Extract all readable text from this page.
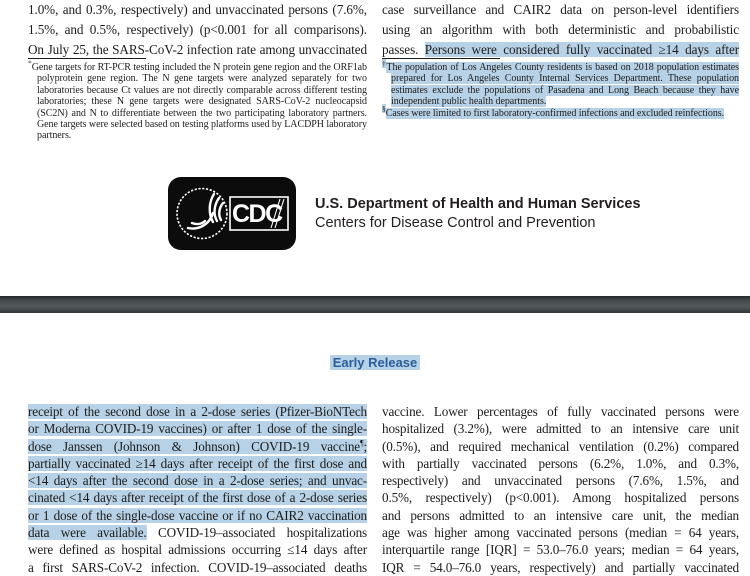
1.0%, and 0.3%, respectively) and unvaccinated persons (7.6%,
1.5%, and 0.5%, respectively) (p<0.001 for all comparisons).
On July 25, the SARS-CoV-2 infection rate among unvaccinated
case surveillance and CAIR2 data on person-level identifiers
using an algorithm with both deterministic and probabilistic
passes. Persons were considered fully vaccinated ≥14 days after

*Gene targets for RT-PCR testing included the N protein gene region and the ORF1ab polyprotein gene region. The N gene targets were analyzed separately for two laboratories because Ct values are not directly comparable across different testing laboratories; these N gene targets were designated SARS-CoV-2 nucleocapsid (SC2N) and N to differentiate between the two participating laboratory partners. Gene targets were selected based on testing platforms used by LACDPH laboratory partners.

†The population of Los Angeles County residents is based on 2018 population estimates prepared for Los Angeles County Internal Services Department. These population estimates exclude the populations of Pasadena and Long Beach because they have independent public health departments.

§Cases were limited to first laboratory-confirmed infections and excluded reinfections.

CDC U.S. Department of Health and Human Services
Centers for Disease Control and Prevention
Early Release
receipt of the second dose in a 2-dose series (Pfizer-BioNTech
or Moderna COVID-19 vaccines) or after 1 dose of the single-
dose Janssen (Johnson & Johnson) COVID-19 vaccine¶;
partially vaccinated ≥14 days after receipt of the first dose and
<14 days after the second dose in a 2-dose series; and unvac-
cinated <14 days after receipt of the first dose of a 2-dose series
or 1 dose of the single-dose vaccine or if no CAIR2 vaccination
data were available. COVID-19–associated hospitalizations
were defined as hospital admissions occurring ≤14 days after
a first SARS-CoV-2 infection. COVID-19–associated deaths
vaccine. Lower percentages of fully vaccinated persons were
hospitalized (3.2%), were admitted to an intensive care unit
(0.5%), and required mechanical ventilation (0.2%) compared
with partially vaccinated persons (6.2%, 1.0%, and 0.3%,
respectively) and unvaccinated persons (7.6%, 1.5%, and
0.5%, respectively) (p<0.001). Among hospitalized persons
and persons admitted to an intensive care unit, the median
age was higher among vaccinated persons (median = 64 years,
interquartile range [IQR] = 53.0–76.0 years; median = 64 years,
IQR = 54.0–76.0 years, respectively) and partially vaccinated
